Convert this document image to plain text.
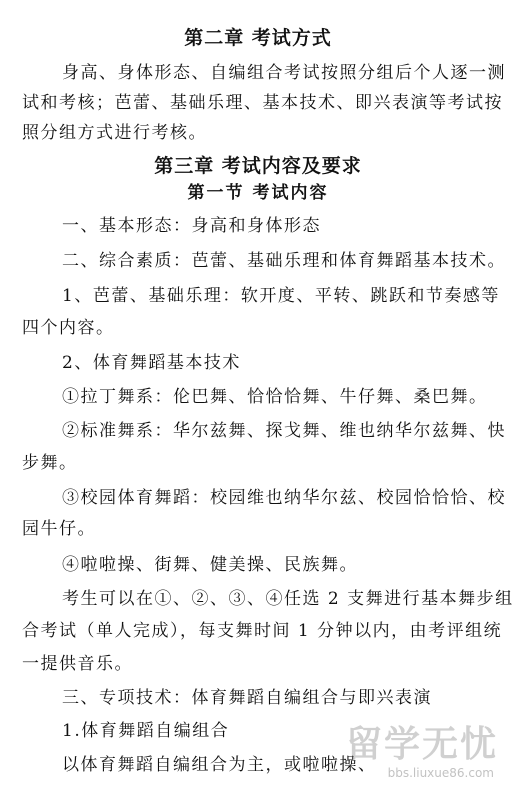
第二章 考试方式
身高、身体形态、自编组合考试按照分组后个人逐一测
试和考核；芭蕾、基础乐理、基本技术、即兴表演等考试按
照分组方式进行考核。
第三章 考试内容及要求
第一节 考试内容
一、基本形态：身高和身体形态
二、综合素质：芭蕾、基础乐理和体育舞蹈基本技术。
1、芭蕾、基础乐理：软开度、平转、跳跃和节奏感等
四个内容。
2、体育舞蹈基本技术
①拉丁舞系：伦巴舞、恰恰恰舞、牛仔舞、桑巴舞。
②标准舞系：华尔兹舞、探戈舞、维也纳华尔兹舞、快
步舞。
③校园体育舞蹈：校园维也纳华尔兹、校园恰恰恰、校
园牛仔。
④啦啦操、街舞、健美操、民族舞。
考生可以在①、②、③、④任选 2 支舞进行基本舞步组
合考试（单人完成），每支舞时间 1 分钟以内，由考评组统
一提供音乐。
三、专项技术：体育舞蹈自编组合与即兴表演
1.体育舞蹈自编组合
以体育舞蹈自编组合为主，或啦啦操、
留学无忧
bbs.liuxue86.com
